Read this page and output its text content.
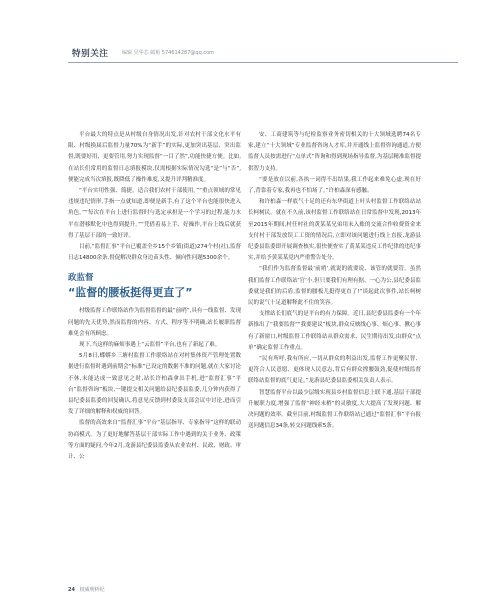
特别关注	编辑 吴华芯 邮箱 574614287@qq.com

平台最大的特点是从村级自身情况出发,针对农村干部文化水平有限、村级换届后监督力量70%为“新手”的实际,更加突出基层、突出监督,既要好用、更要管用,努力实现监督“一目了然”,功能快捷方便。比如,在站长们常用的监督日志填报模块,仅需根据实际情况勾选“是”与“否”,便能完成当次填报,既降低了操作难度,又提升评判精准度。

“平台实用性强、简捷。适合我们农村干部使用。”“重点领域的常见违规违纪情形,手指一点就知道,即便是新手,有了这个平台也能很快进入角色。”“每次在平台上进行监督时与选定承担是一个学习的过程,能力水平在潜移默化中也得到提升。”“凭借着易上手、好操作,平台上线后就获得了基层干部的一致好评。

目前,“监督汇事”平台已覆盖全乡15个乡镇(街道)274个村(社),监督日志14800余条,督促解决群众身边苗头性、倾向性问题5300余个。

政监督
“监督的腰板挺得更直了”

村级监督工作联络站作为监督监督的最“前哨”,具有一线监督、发现问题的先天优势,然而监督的内容、方式、程序等不明确,站长履职监督难免会有所顾虑。

现下,当这样的麻烦事遇上“云监督”平台,也有了新起了难。

5月8日,蝶蟒乡三塘村监督工作联络站在对村集体资产管理处置数据进行监督时遇到前期会“标准”已设定的数据不准的问题,就在大家讨论不休,未能达成一致意见之时,站长许柏森拿出手机,进“监督汇事”平台“监督咨询”板块,一键提交相关问题给县纪委县监委,几分钟内获得了县纪委县监委的回复确认,将意见反馈到村委及支部会议中讨论,进而引发了详细的解释和权威的回答。

监督的高效来自“监督汇事”平台“基层指导、专家指导”这样的联动协商模式。为了更好地解答基层干部实际工作中遇到的关于业务、政策等方面的疑问,今年2月,龙游县纪委县监委从农业农村、民政、财政、审计、公

安、工商建筑等与纪检监察业务密切相关的十大领域选聘74名专家,建立“十大领域”专业监督咨询人才库,并开通线上监督咨询通道,方便监督人员按需进行“点单式”咨询和得到现场指导监督,为基层精准监督提供智力支持。

“要是放在以前,各执一词得不出结果,我工作起来难免心虚,现在好了,背靠着专家,我再也不怕场了。”许柏森深有感触。

和许柏森一样底气十足的还有东华街道上叶头村监督工作联络站站长柯树民。就在不久前,该村监督工作联络站在日常监督中发现,2013年至2015年期间,村任村社的黄某某兄弟用未入账的交流合作收费资金来支付村干部发放误工工资的情况后,立即对该问题进行线上直报,龙游县纪委县监委即开展调查核实,很快便查实了黄某某违反工作纪律的违纪事实,并给予黄某某党内严重警告处分。

“我们作为监督监督最‘前哨’,就说的就要说、该管的就要管。虽然我们监督工作联络站‘官’小,但只要我们有理有据、一心为公,县纪委县监委就是我们的后盾,监督的腰板儿挺得更直了!”谈起此次事件,站长柯树民的说气十足道解释此不住的笑容。

支撑站长们底气的是平台的有力保障。近日,县纪委县监委有一个年新推出了“我要监督”“我要建议”板块,群众反映线心事、烦心事、揪心事有了新窗口,村级监督工作联络站从群众需求、民生期待出发,由群众“点单”确定监督工作重点。

“民有所呼,我有所应,一切从群众的利益出发,监督工作更聚民智、更符合人民意愿、更体现人民意志,背后有群众撑腰鼓劲,促使村级监督联络站监督的底气更足。”龙游县纪委县监委相关负责人表示。

智慧监督平台以最少层级实现县乡村监督信息上联下通,基层干部提升履职力度,增强了监督“神经末梢”的灵敏度,大大提高了发现问题、解决问题的效率。截至目前,村级监督工作联络站已通过“监督汇事”平台报送问题信息34条,转交问题线索5条。

24 权威明析纪
